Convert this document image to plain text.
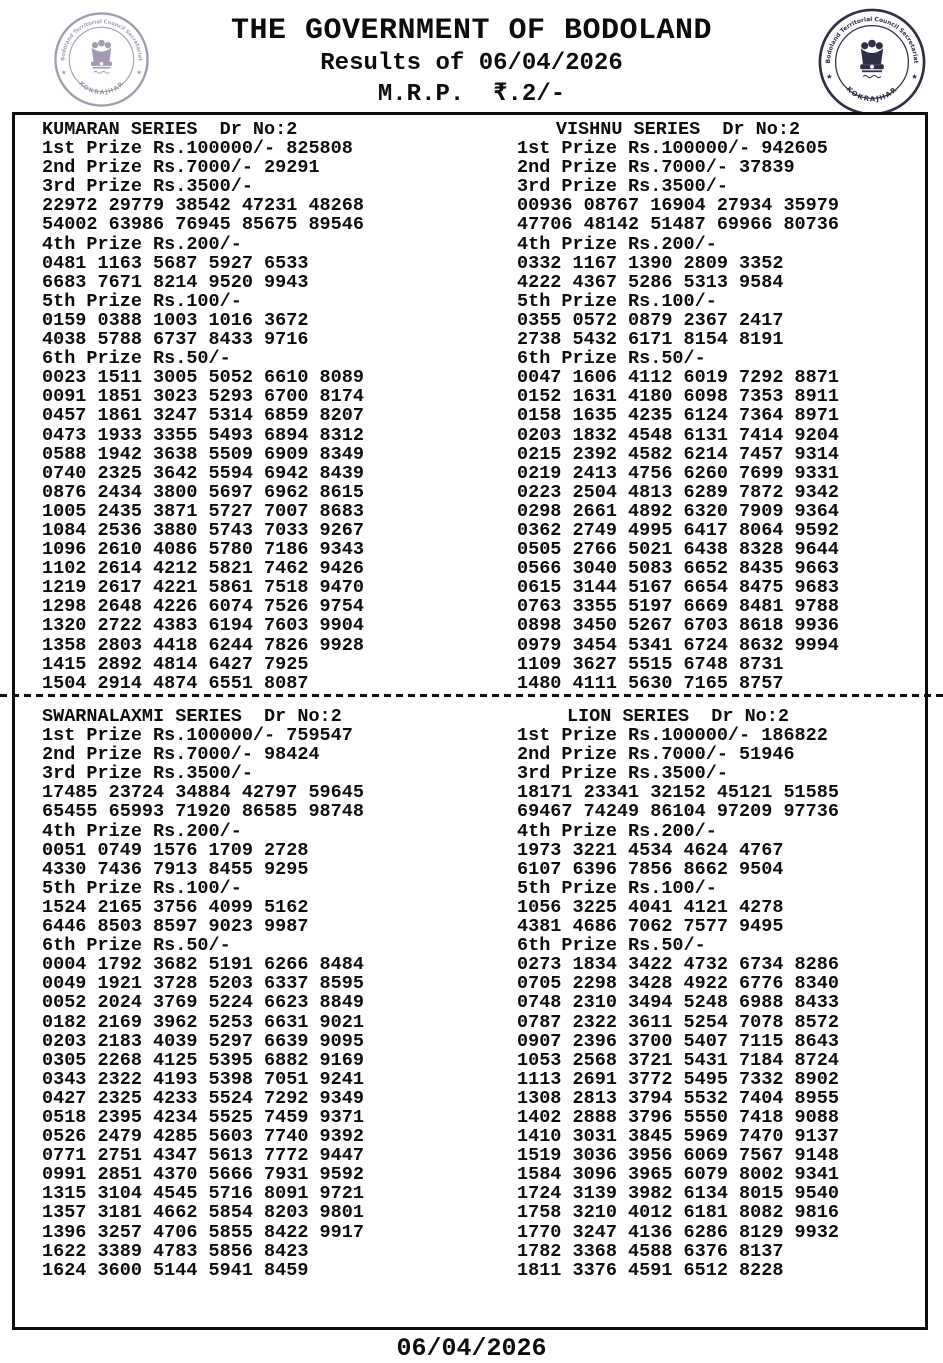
Bodoland Territorial Council Secretariat
KOKRAJHAR
★	★
THE GOVERNMENT OF BODOLAND
Results of 06/04/2026
M.R.P.  ₹.2/-
Bodoland Territorial Council Secretariat
KOKRAJHAR
★	★
KUMARAN SERIES  Dr No:2
1st Prize Rs.100000/- 825808
2nd Prize Rs.7000/- 29291
3rd Prize Rs.3500/-
22972 29779 38542 47231 48268
54002 63986 76945 85675 89546
4th Prize Rs.200/-
0481 1163 5687 5927 6533
6683 7671 8214 9520 9943
5th Prize Rs.100/-
0159 0388 1003 1016 3672
4038 5788 6737 8433 9716
6th Prize Rs.50/-
0023 1511 3005 5052 6610 8089
0091 1851 3023 5293 6700 8174
0457 1861 3247 5314 6859 8207
0473 1933 3355 5493 6894 8312
0588 1942 3638 5509 6909 8349
0740 2325 3642 5594 6942 8439
0876 2434 3800 5697 6962 8615
1005 2435 3871 5727 7007 8683
1084 2536 3880 5743 7033 9267
1096 2610 4086 5780 7186 9343
1102 2614 4212 5821 7462 9426
1219 2617 4221 5861 7518 9470
1298 2648 4226 6074 7526 9754
1320 2722 4383 6194 7603 9904
1358 2803 4418 6244 7826 9928
1415 2892 4814 6427 7925
1504 2914 4874 6551 8087
VISHNU SERIES  Dr No:2
1st Prize Rs.100000/- 942605
2nd Prize Rs.7000/- 37839
3rd Prize Rs.3500/-
00936 08767 16904 27934 35979
47706 48142 51487 69966 80736
4th Prize Rs.200/-
0332 1167 1390 2809 3352
4222 4367 5286 5313 9584
5th Prize Rs.100/-
0355 0572 0879 2367 2417
2738 5432 6171 8154 8191
6th Prize Rs.50/-
0047 1606 4112 6019 7292 8871
0152 1631 4180 6098 7353 8911
0158 1635 4235 6124 7364 8971
0203 1832 4548 6131 7414 9204
0215 2392 4582 6214 7457 9314
0219 2413 4756 6260 7699 9331
0223 2504 4813 6289 7872 9342
0298 2661 4892 6320 7909 9364
0362 2749 4995 6417 8064 9592
0505 2766 5021 6438 8328 9644
0566 3040 5083 6652 8435 9663
0615 3144 5167 6654 8475 9683
0763 3355 5197 6669 8481 9788
0898 3450 5267 6703 8618 9936
0979 3454 5341 6724 8632 9994
1109 3627 5515 6748 8731
1480 4111 5630 7165 8757
SWARNALAXMI SERIES  Dr No:2
1st Prize Rs.100000/- 759547
2nd Prize Rs.7000/- 98424
3rd Prize Rs.3500/-
17485 23724 34884 42797 59645
65455 65993 71920 86585 98748
4th Prize Rs.200/-
0051 0749 1576 1709 2728
4330 7436 7913 8455 9295
5th Prize Rs.100/-
1524 2165 3756 4099 5162
6446 8503 8597 9023 9987
6th Prize Rs.50/-
0004 1792 3682 5191 6266 8484
0049 1921 3728 5203 6337 8595
0052 2024 3769 5224 6623 8849
0182 2169 3962 5253 6631 9021
0203 2183 4039 5297 6639 9095
0305 2268 4125 5395 6882 9169
0343 2322 4193 5398 7051 9241
0427 2325 4233 5524 7292 9349
0518 2395 4234 5525 7459 9371
0526 2479 4285 5603 7740 9392
0771 2751 4347 5613 7772 9447
0991 2851 4370 5666 7931 9592
1315 3104 4545 5716 8091 9721
1357 3181 4662 5854 8203 9801
1396 3257 4706 5855 8422 9917
1622 3389 4783 5856 8423
1624 3600 5144 5941 8459
LION SERIES  Dr No:2
1st Prize Rs.100000/- 186822
2nd Prize Rs.7000/- 51946
3rd Prize Rs.3500/-
18171 23341 32152 45121 51585
69467 74249 86104 97209 97736
4th Prize Rs.200/-
1973 3221 4534 4624 4767
6107 6396 7856 8662 9504
5th Prize Rs.100/-
1056 3225 4041 4121 4278
4381 4686 7062 7577 9495
6th Prize Rs.50/-
0273 1834 3422 4732 6734 8286
0705 2298 3428 4922 6776 8340
0748 2310 3494 5248 6988 8433
0787 2322 3611 5254 7078 8572
0907 2396 3700 5407 7115 8643
1053 2568 3721 5431 7184 8724
1113 2691 3772 5495 7332 8902
1308 2813 3794 5532 7404 8955
1402 2888 3796 5550 7418 9088
1410 3031 3845 5969 7470 9137
1519 3036 3956 6069 7567 9148
1584 3096 3965 6079 8002 9341
1724 3139 3982 6134 8015 9540
1758 3210 4012 6181 8082 9816
1770 3247 4136 6286 8129 9932
1782 3368 4588 6376 8137
1811 3376 4591 6512 8228
06/04/2026
